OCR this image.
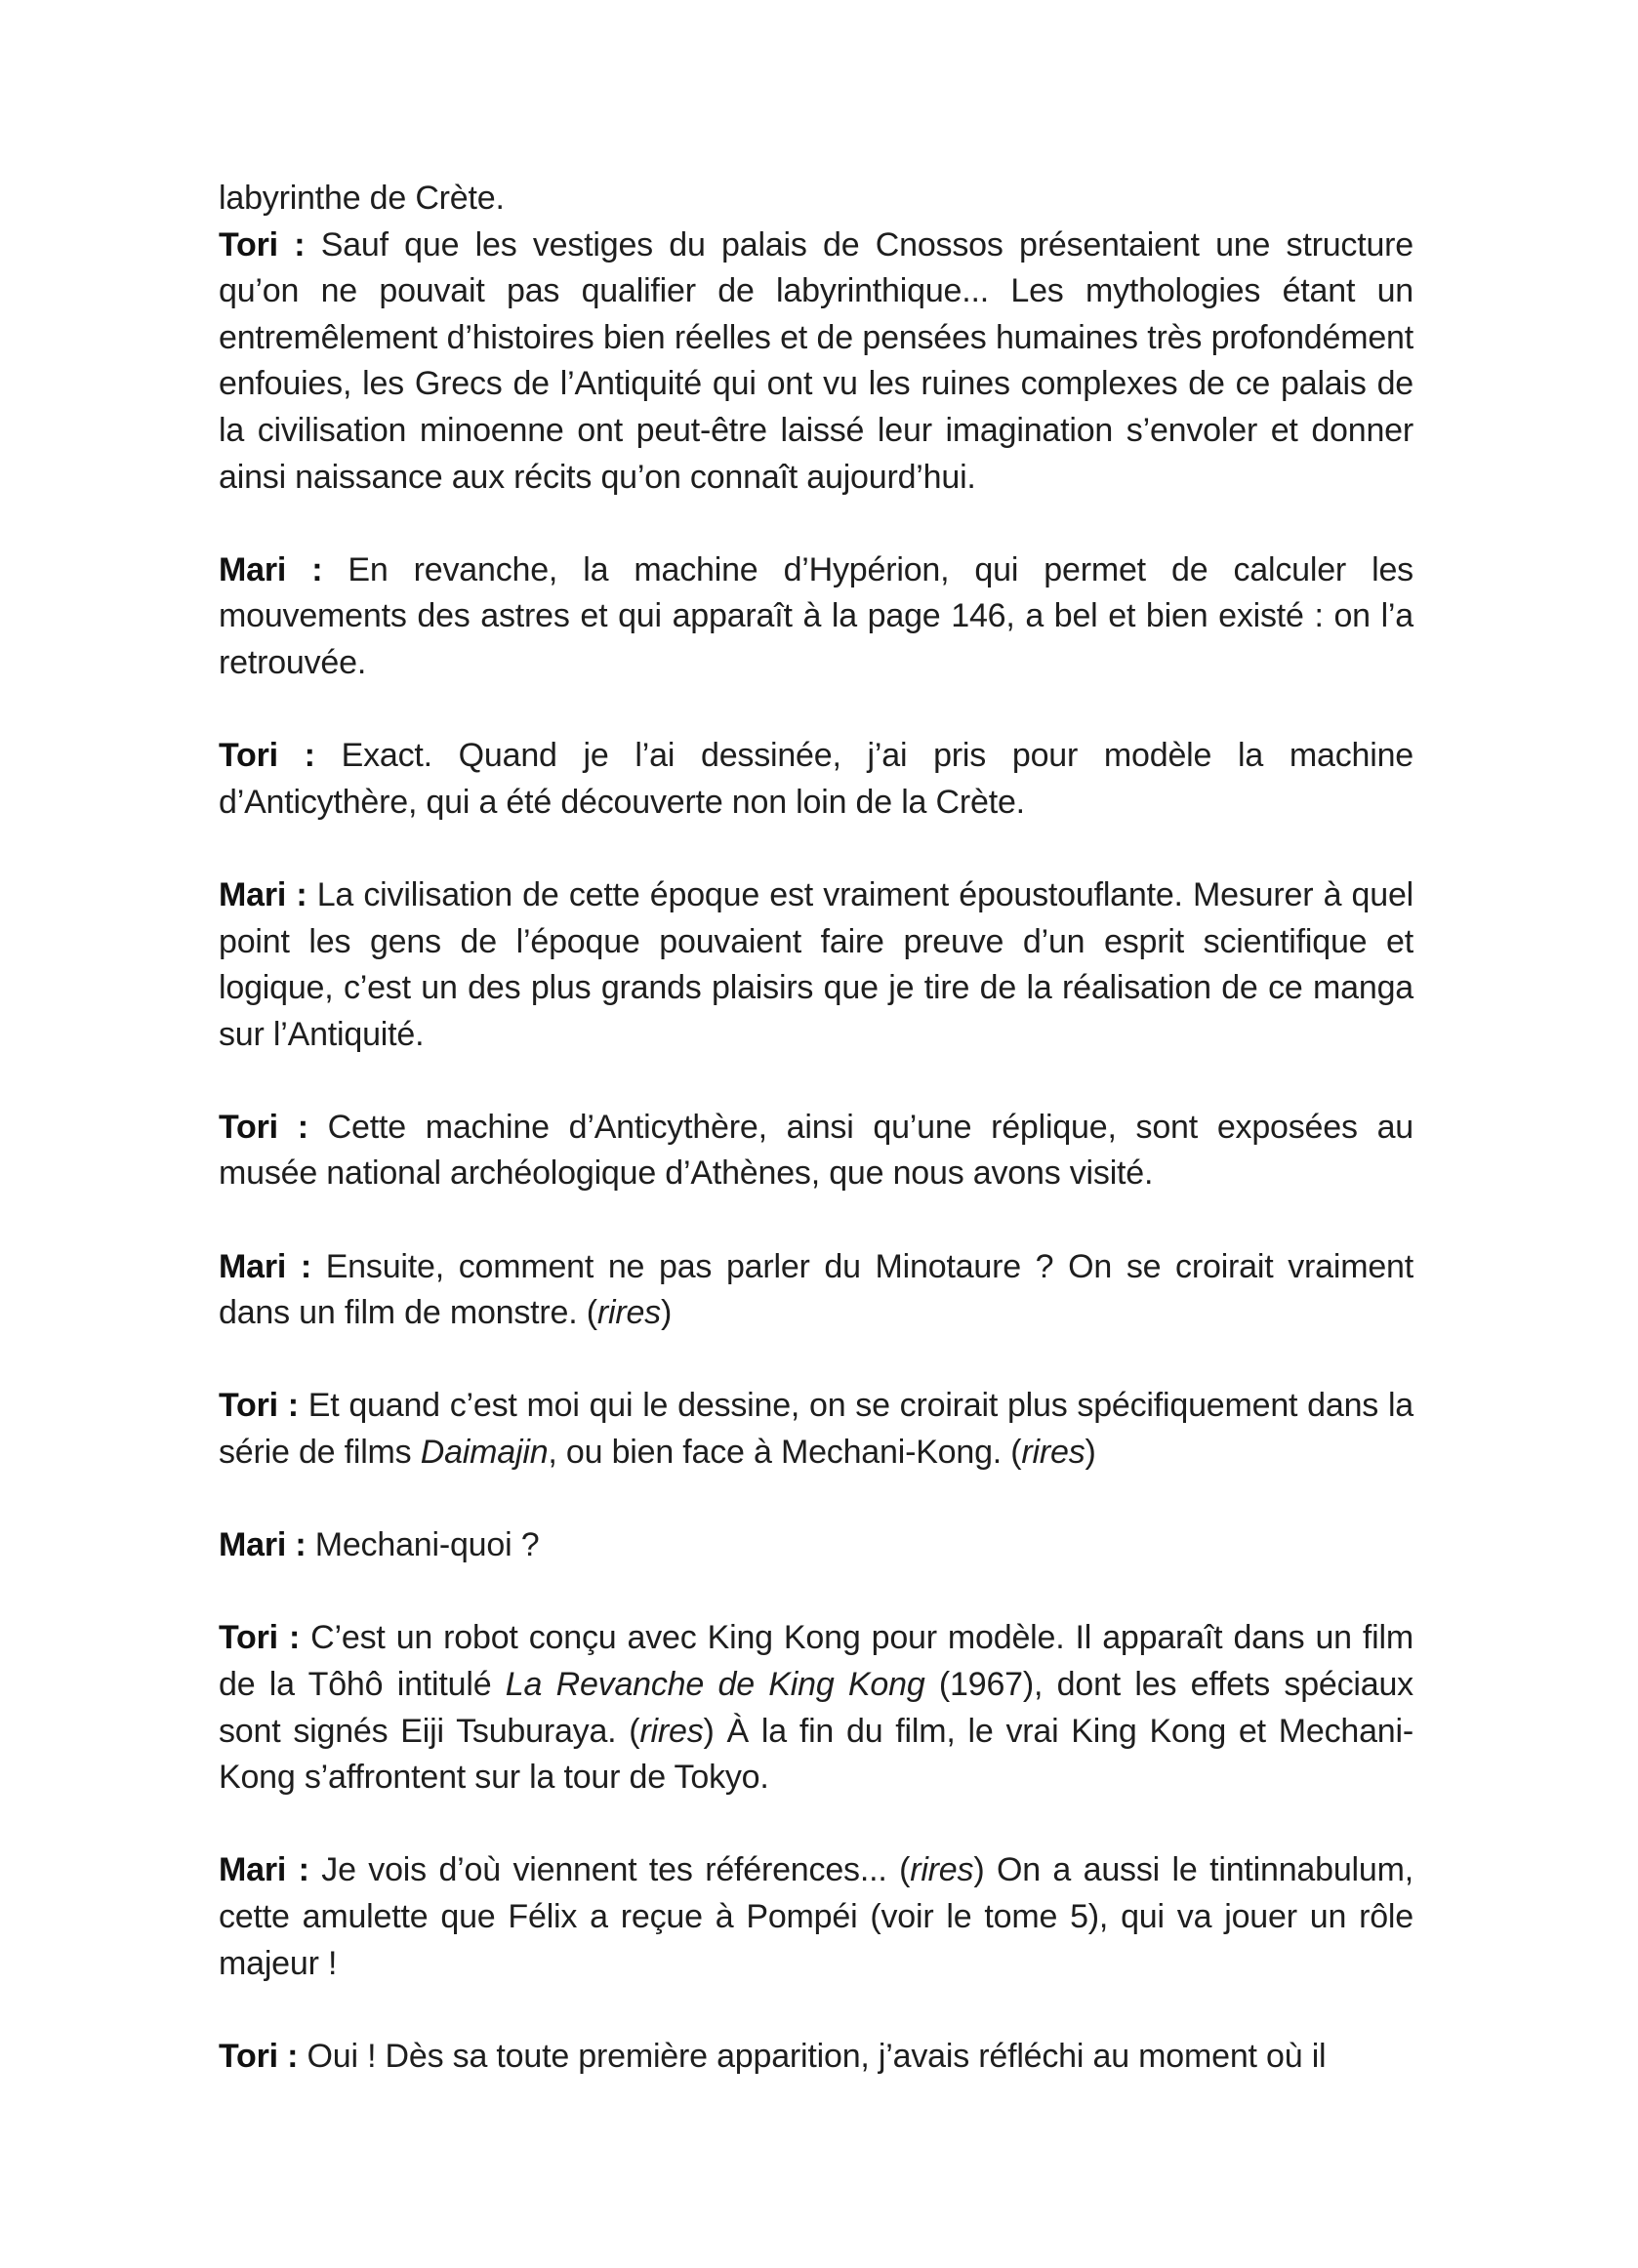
labyrinthe de Crète.

Tori : Sauf que les vestiges du palais de Cnossos présentaient une structure qu’on ne pouvait pas qualifier de labyrinthique... Les mythologies étant un entremêlement d’histoires bien réelles et de pensées humaines très profondément enfouies, les Grecs de l’Antiquité qui ont vu les ruines complexes de ce palais de la civilisation minoenne ont peut-être laissé leur imagination s’envoler et donner ainsi naissance aux récits qu’on connaît aujourd’hui.

Mari : En revanche, la machine d’Hypérion, qui permet de calculer les mouvements des astres et qui apparaît à la page 146, a bel et bien existé : on l’a retrouvée.

Tori : Exact. Quand je l’ai dessinée, j’ai pris pour modèle la machine d’Anticythère, qui a été découverte non loin de la Crète.

Mari : La civilisation de cette époque est vraiment époustouflante. Mesurer à quel point les gens de l’époque pouvaient faire preuve d’un esprit scientifique et logique, c’est un des plus grands plaisirs que je tire de la réalisation de ce manga sur l’Antiquité.

Tori : Cette machine d’Anticythère, ainsi qu’une réplique, sont exposées au musée national archéologique d’Athènes, que nous avons visité.

Mari : Ensuite, comment ne pas parler du Minotaure ? On se croirait vraiment dans un film de monstre. (rires)

Tori : Et quand c’est moi qui le dessine, on se croirait plus spécifiquement dans la série de films Daimajin, ou bien face à Mechani-Kong. (rires)

Mari : Mechani-quoi ?

Tori : C’est un robot conçu avec King Kong pour modèle. Il apparaît dans un film de la Tôhô intitulé La Revanche de King Kong (1967), dont les effets spéciaux sont signés Eiji Tsuburaya. (rires) À la fin du film, le vrai King Kong et Mechani-Kong s’affrontent sur la tour de Tokyo.

Mari : Je vois d’où viennent tes références... (rires) On a aussi le tintinnabulum, cette amulette que Félix a reçue à Pompéi (voir le tome 5), qui va jouer un rôle majeur !

Tori : Oui ! Dès sa toute première apparition, j’avais réfléchi au moment où il
